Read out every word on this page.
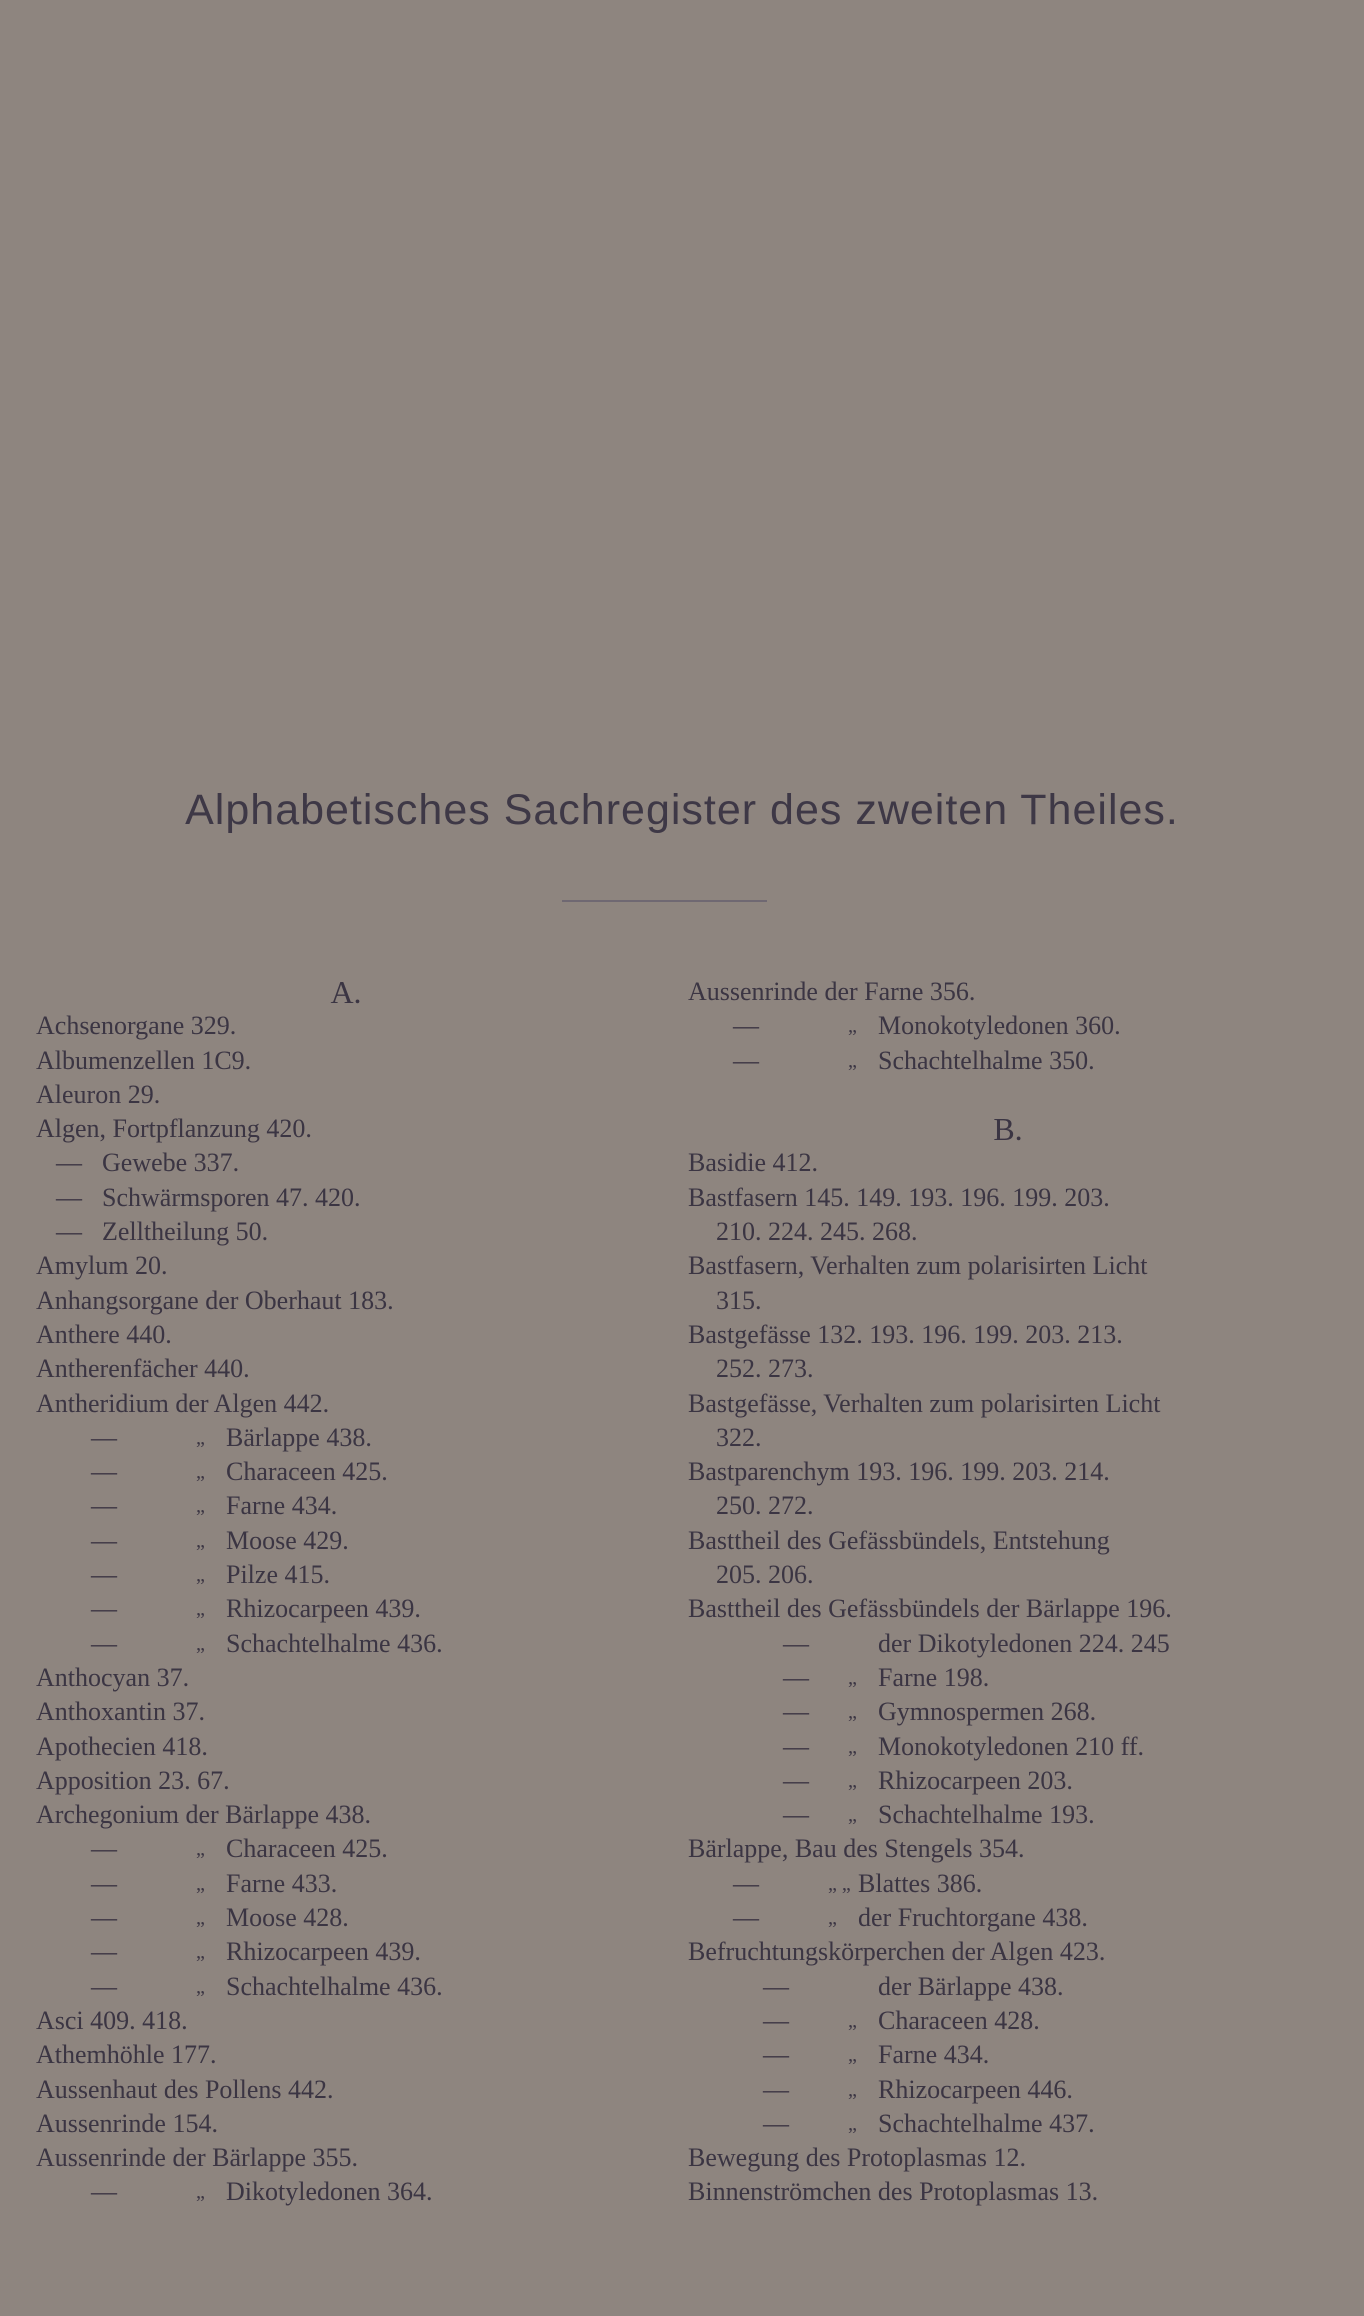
Alphabetisches Sachregister des zweiten Theiles.
A.
Achsenorgane 329.
Albumenzellen 1C9.
Aleuron 29.
Algen, Fortpflanzung 420.
— Gewebe 337.
— Schwärmsporen 47. 420.
— Zelltheilung 50.
Amylum 20.
Anhangsorgane der Oberhaut 183.
Anthere 440.
Antherenfächer 440.
Antheridium der Algen 442.
—	„ Bärlappe 438.
—	„ Characeen 425.
—	„ Farne 434.
—	„ Moose 429.
—	„ Pilze 415.
—	„ Rhizocarpeen 439.
—	„ Schachtelhalme 436.
Anthocyan 37.
Anthoxantin 37.
Apothecien 418.
Apposition 23. 67.
Archegonium der Bärlappe 438.
—	„ Characeen 425.
—	„ Farne 433.
—	„ Moose 428.
—	„ Rhizocarpeen 439.
—	„ Schachtelhalme 436.
Asci 409. 418.
Athemhöhle 177.
Aussenhaut des Pollens 442.
Aussenrinde 154.
Aussenrinde der Bärlappe 355.
—	„ Dikotyledonen 364.
Aussenrinde der Farne 356.
—	„ Monokotyledonen 360.
—	„ Schachtelhalme 350.
B.
Basidie 412.
Bastfasern 145. 149. 193. 196. 199. 203.
210. 224. 245. 268.
Bastfasern, Verhalten zum polarisirten Licht
315.
Bastgefässe 132. 193. 196. 199. 203. 213.
252. 273.
Bastgefässe, Verhalten zum polarisirten Licht
322.
Bastparenchym 193. 196. 199. 203. 214.
250. 272.
Basttheil des Gefässbündels, Entstehung
205. 206.
Basttheil des Gefässbündels der Bärlappe 196.
—	der Dikotyledonen 224. 245
— „ Farne 198.
— „ Gymnospermen 268.
— „ Monokotyledonen 210 ff.
— „ Rhizocarpeen 203.
— „ Schachtelhalme 193.
Bärlappe, Bau des Stengels 354.
—	„ „ Blattes 386.
—	„ der Fruchtorgane 438.
Befruchtungskörperchen der Algen 423.
—	der Bärlappe 438.
—	„ Characeen 428.
—	„ Farne 434.
—	„ Rhizocarpeen 446.
—	„ Schachtelhalme 437.
Bewegung des Protoplasmas 12.
Binnenströmchen des Protoplasmas 13.
